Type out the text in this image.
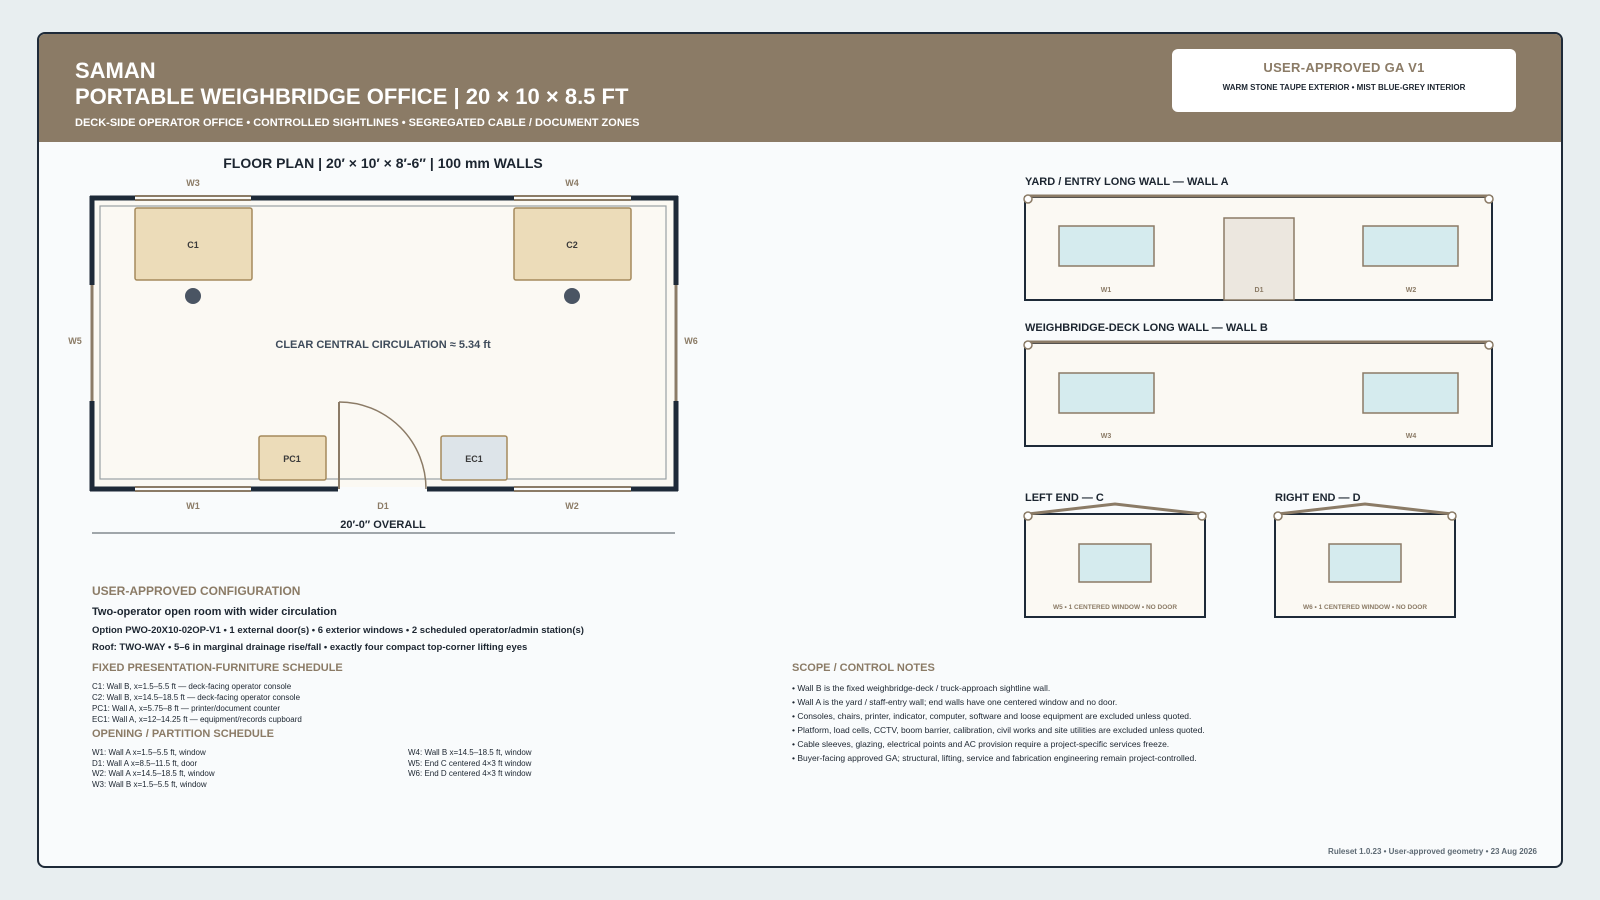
SAMAN
PORTABLE WEIGHBRIDGE OFFICE | 20 × 10 × 8.5 FT
DECK-SIDE OPERATOR OFFICE • CONTROLLED SIGHTLINES • SEGREGATED CABLE / DOCUMENT ZONES
USER-APPROVED GA V1
WARM STONE TAUPE EXTERIOR • MIST BLUE-GREY INTERIOR
Ruleset 1.0.23 • User-approved geometry • 23 Aug 2026
FLOOR PLAN | 20′ × 10′ × 8′-6″ | 100 mm WALLS
C1	C2
PC1	EC1
CLEAR CENTRAL CIRCULATION ≈ 5.34 ft
W3	W4
W1	D1	W2
W5	W6
20′-0″ OVERALL
YARD / ENTRY LONG WALL — WALL A
W1	D1	W2
WEIGHBRIDGE-DECK LONG WALL — WALL B
W3	W4
LEFT END — C
W5 • 1 CENTERED WINDOW • NO DOOR
RIGHT END — D
W6 • 1 CENTERED WINDOW • NO DOOR
USER-APPROVED CONFIGURATION
Two-operator open room with wider circulation
Option PWO-20X10-02OP-V1 • 1 external door(s) • 6 exterior windows • 2 scheduled operator/admin station(s)
Roof: TWO-WAY • 5–6 in marginal drainage rise/fall • exactly four compact top-corner lifting eyes
FIXED PRESENTATION-FURNITURE SCHEDULE
C1: Wall B, x=1.5–5.5 ft — deck-facing operator console
C2: Wall B, x=14.5–18.5 ft — deck-facing operator console
PC1: Wall A, x=5.75–8 ft — printer/document counter
EC1: Wall A, x=12–14.25 ft — equipment/records cupboard
OPENING / PARTITION SCHEDULE
W1: Wall A x=1.5–5.5 ft, window
D1: Wall A x=8.5–11.5 ft, door
W2: Wall A x=14.5–18.5 ft, window
W3: Wall B x=1.5–5.5 ft, window
W4: Wall B x=14.5–18.5 ft, window
W5: End C centered 4×3 ft window
W6: End D centered 4×3 ft window
SCOPE / CONTROL NOTES
• Wall B is the fixed weighbridge-deck / truck-approach sightline wall.
• Wall A is the yard / staff-entry wall; end walls have one centered window and no door.
• Consoles, chairs, printer, indicator, computer, software and loose equipment are excluded unless quoted.
• Platform, load cells, CCTV, boom barrier, calibration, civil works and site utilities are excluded unless quoted.
• Cable sleeves, glazing, electrical points and AC provision require a project-specific services freeze.
• Buyer-facing approved GA; structural, lifting, service and fabrication engineering remain project-controlled.
